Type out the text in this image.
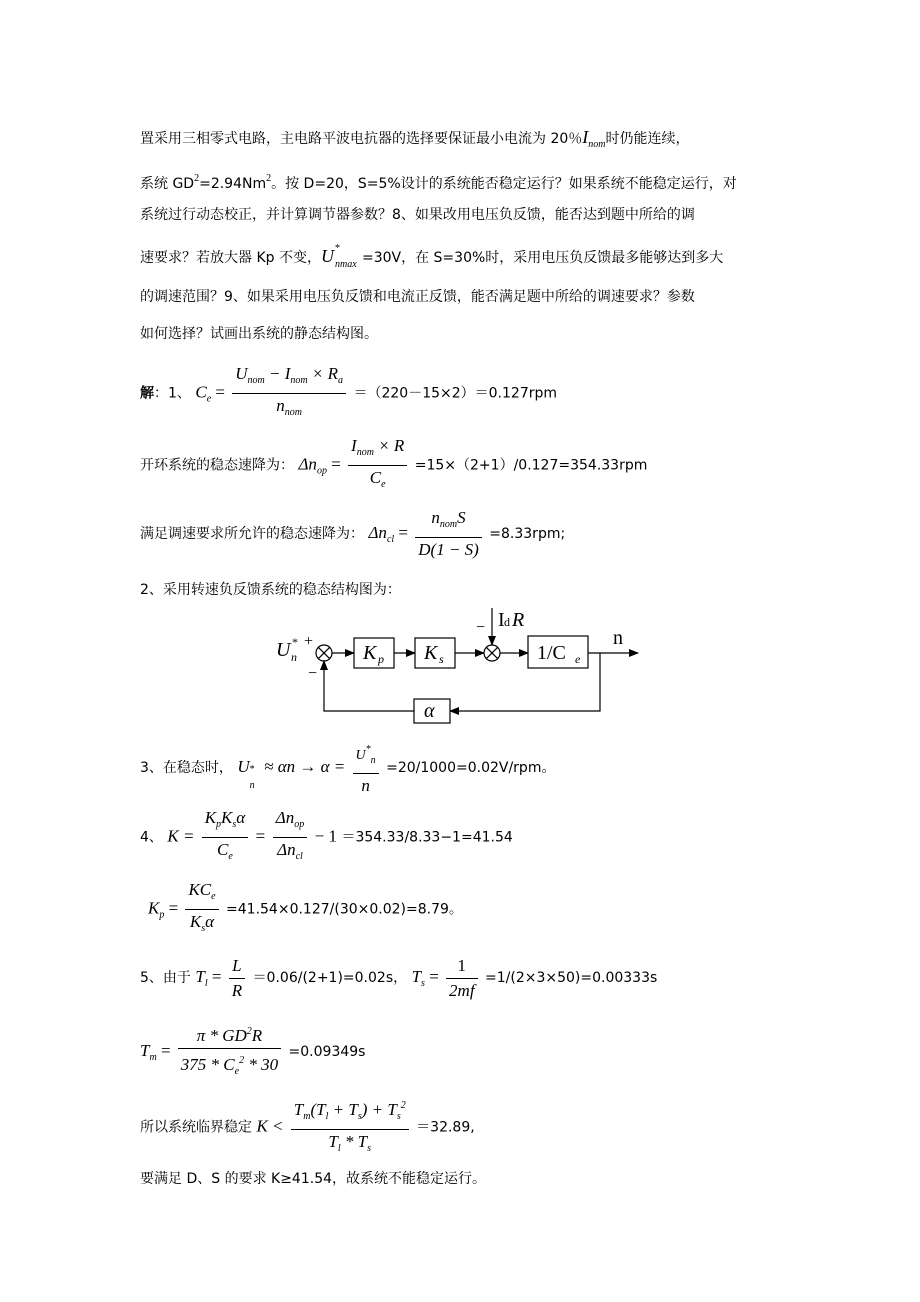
置采用三相零式电路，主电路平波电抗器的选择要保证最小电流为 20％$I_{nom}$时仍能连续，
系统 $GD^2=2.94Nm^2$。按 D=20，S=5%设计的系统能否稳定运行？如果系统不能稳定运行，对
系统过行动态校正，并计算调节器参数？8、如果改用电压负反馈，能否达到题中所给的调
速要求？若放大器 Kp 不变，U *
nmax =30V，在 S=30%时，采用电压负反馈最多能够达到多大
的调速范围？9、如果采用电压负反馈和电流正反馈，能否满足题中所给的调速要求？参数
如何选择？试画出系统的静态结构图。
解：1、 $C_e = \frac{U_{nom} - I_{nom} \times R_a}{n_{nom}} =(220-15\times 2)=0.127rpm$
开环系统的稳态速降为： $\Delta n_{op} = \frac{I_{nom} \times R}{C_e} =15\times(2+1)/0.127=354.33rpm$
满足调速要求所允许的稳态速降为： $\Delta n_{cl} = \frac{n_{nom}S}{D(1 - S)} =8.33rpm$;
2、采用转速负反馈系统的稳态结构图为：
U *
n
+
−
K p K s
− I d R
1/C e
n
α
3、在稳态时， U *
n
≈ $\alpha n \to \alpha = \frac{U^*_n}{n} =20/1000=0.02V/rpm$。
4、 $K = \frac{K_pK_s\alpha}{C_e} = \frac{\Delta n_{op}}{\Delta n_{cl}} - 1 =354.33/8.33-1=41.54$
$K_p = \frac{KC_e}{K_s\alpha} =41.54\times 0.127/(30\times 0.02)=8.79$。
5、由于 $T_l = \frac{L}{R} =0.06/(2+1)=0.02s$， $T_s = \frac{1}{2mf} =1/(2\times 3\times 50)=0.00333s$
$T_m = \frac{\pi * GD^2R}{375 * C_e^2 * 30} =0.09349s$
所以系统临界稳定 $K < \frac{T_m(T_l + T_s) + T_s^2}{T_l * T_s} =32.89$,
要满足 D、S 的要求 K≥41.54，故系统不能稳定运行。
